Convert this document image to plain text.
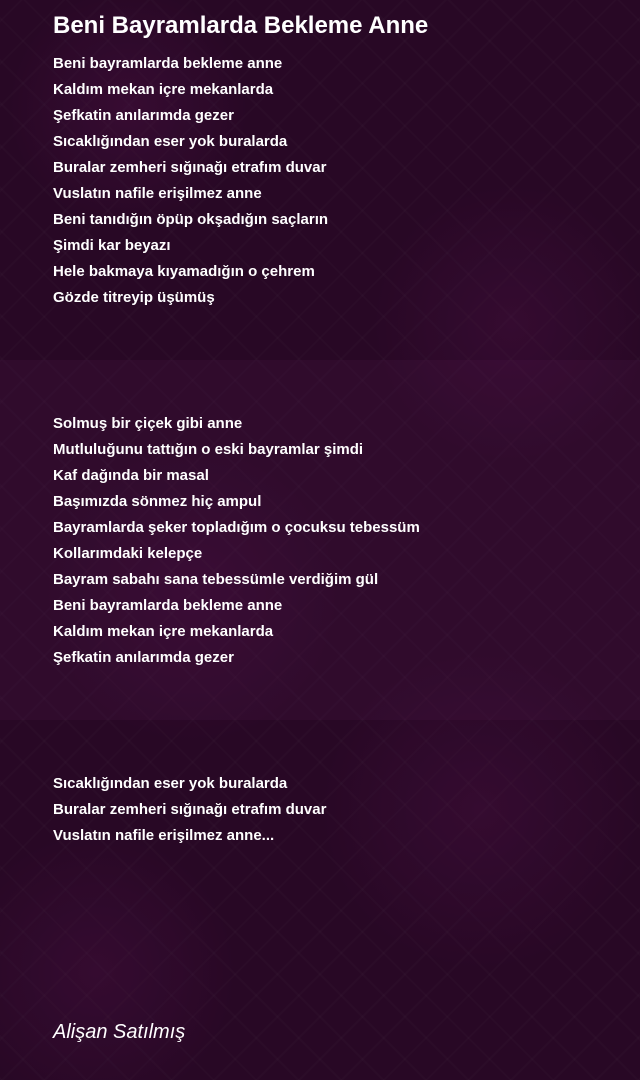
Beni Bayramlarda Bekleme Anne
Beni bayramlarda bekleme anne
Kaldım mekan içre mekanlarda
Şefkatin anılarımda gezer
Sıcaklığından eser yok buralarda
Buralar zemheri sığınağı etrafım duvar
Vuslatın nafile erişilmez anne
Beni tanıdığın öpüp okşadığın saçların
Şimdi kar beyazı
Hele bakmaya kıyamadığın o çehrem
Gözde titreyip üşümüş
Solmuş bir çiçek gibi anne
Mutluluğunu tattığın o eski bayramlar şimdi
Kaf dağında bir masal
Başımızda sönmez hiç ampul
Bayramlarda şeker topladığım o çocuksu tebessüm
Kollarımdaki kelepçe
Bayram sabahı sana tebessümle verdiğim gül
Beni bayramlarda bekleme anne
Kaldım mekan içre mekanlarda
Şefkatin anılarımda gezer
Sıcaklığından eser yok buralarda
Buralar zemheri sığınağı etrafım duvar
Vuslatın nafile erişilmez anne...
Alişan Satılmış
